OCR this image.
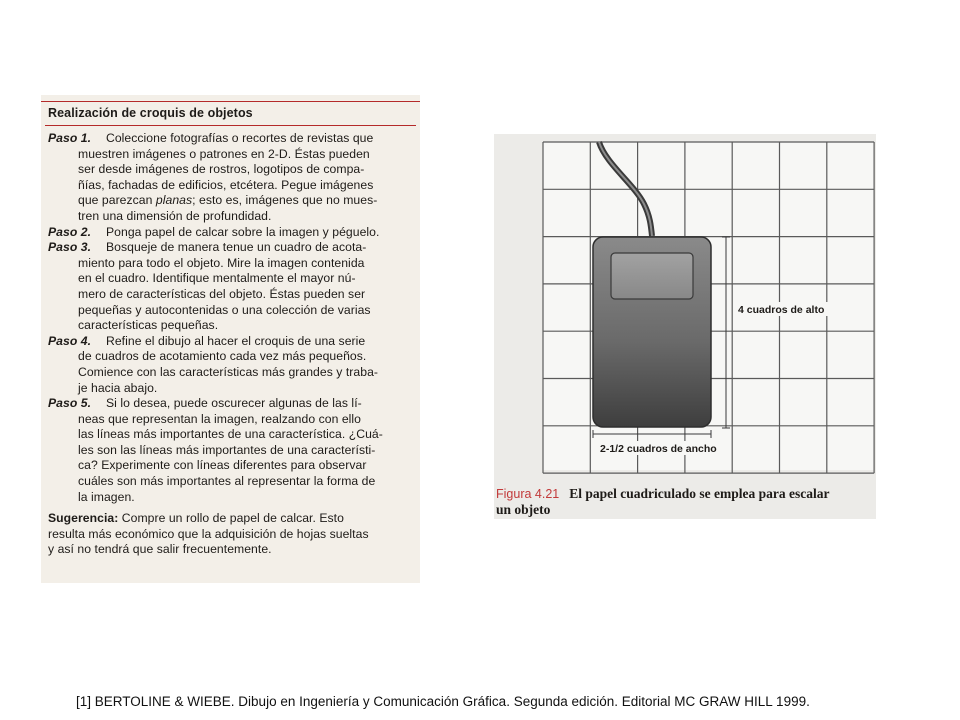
Realización de croquis de objetos
Paso 1. Coleccione fotografías o recortes de revistas que
muestren imágenes o patrones en 2-D. Éstas pueden
ser desde imágenes de rostros, logotipos de compa-
ñías, fachadas de edificios, etcétera. Pegue imágenes
que parezcan planas; esto es, imágenes que no mues-
tren una dimensión de profundidad.
Paso 2. Ponga papel de calcar sobre la imagen y péguelo.
Paso 3. Bosqueje de manera tenue un cuadro de acota-
miento para todo el objeto. Mire la imagen contenida
en el cuadro. Identifique mentalmente el mayor nú-
mero de características del objeto. Éstas pueden ser
pequeñas y autocontenidas o una colección de varias
características pequeñas.
Paso 4. Refine el dibujo al hacer el croquis de una serie
de cuadros de acotamiento cada vez más pequeños.
Comience con las características más grandes y traba-
je hacia abajo.
Paso 5. Si lo desea, puede oscurecer algunas de las lí-
neas que representan la imagen, realzando con ello
las líneas más importantes de una característica. ¿Cuá-
les son las líneas más importantes de una característi-
ca? Experimente con líneas diferentes para observar
cuáles son más importantes al representar la forma de
la imagen.
Sugerencia: Compre un rollo de papel de calcar. Esto
resulta más económico que la adquisición de hojas sueltas
y así no tendrá que salir frecuentemente.
4 cuadros de alto
2-1/2 cuadros de ancho
Figura 4.21 El papel cuadriculado se emplea para escalar
un objeto
[1] BERTOLINE & WIEBE. Dibujo en Ingeniería y Comunicación Gráfica. Segunda edición. Editorial MC GRAW HILL 1999.
